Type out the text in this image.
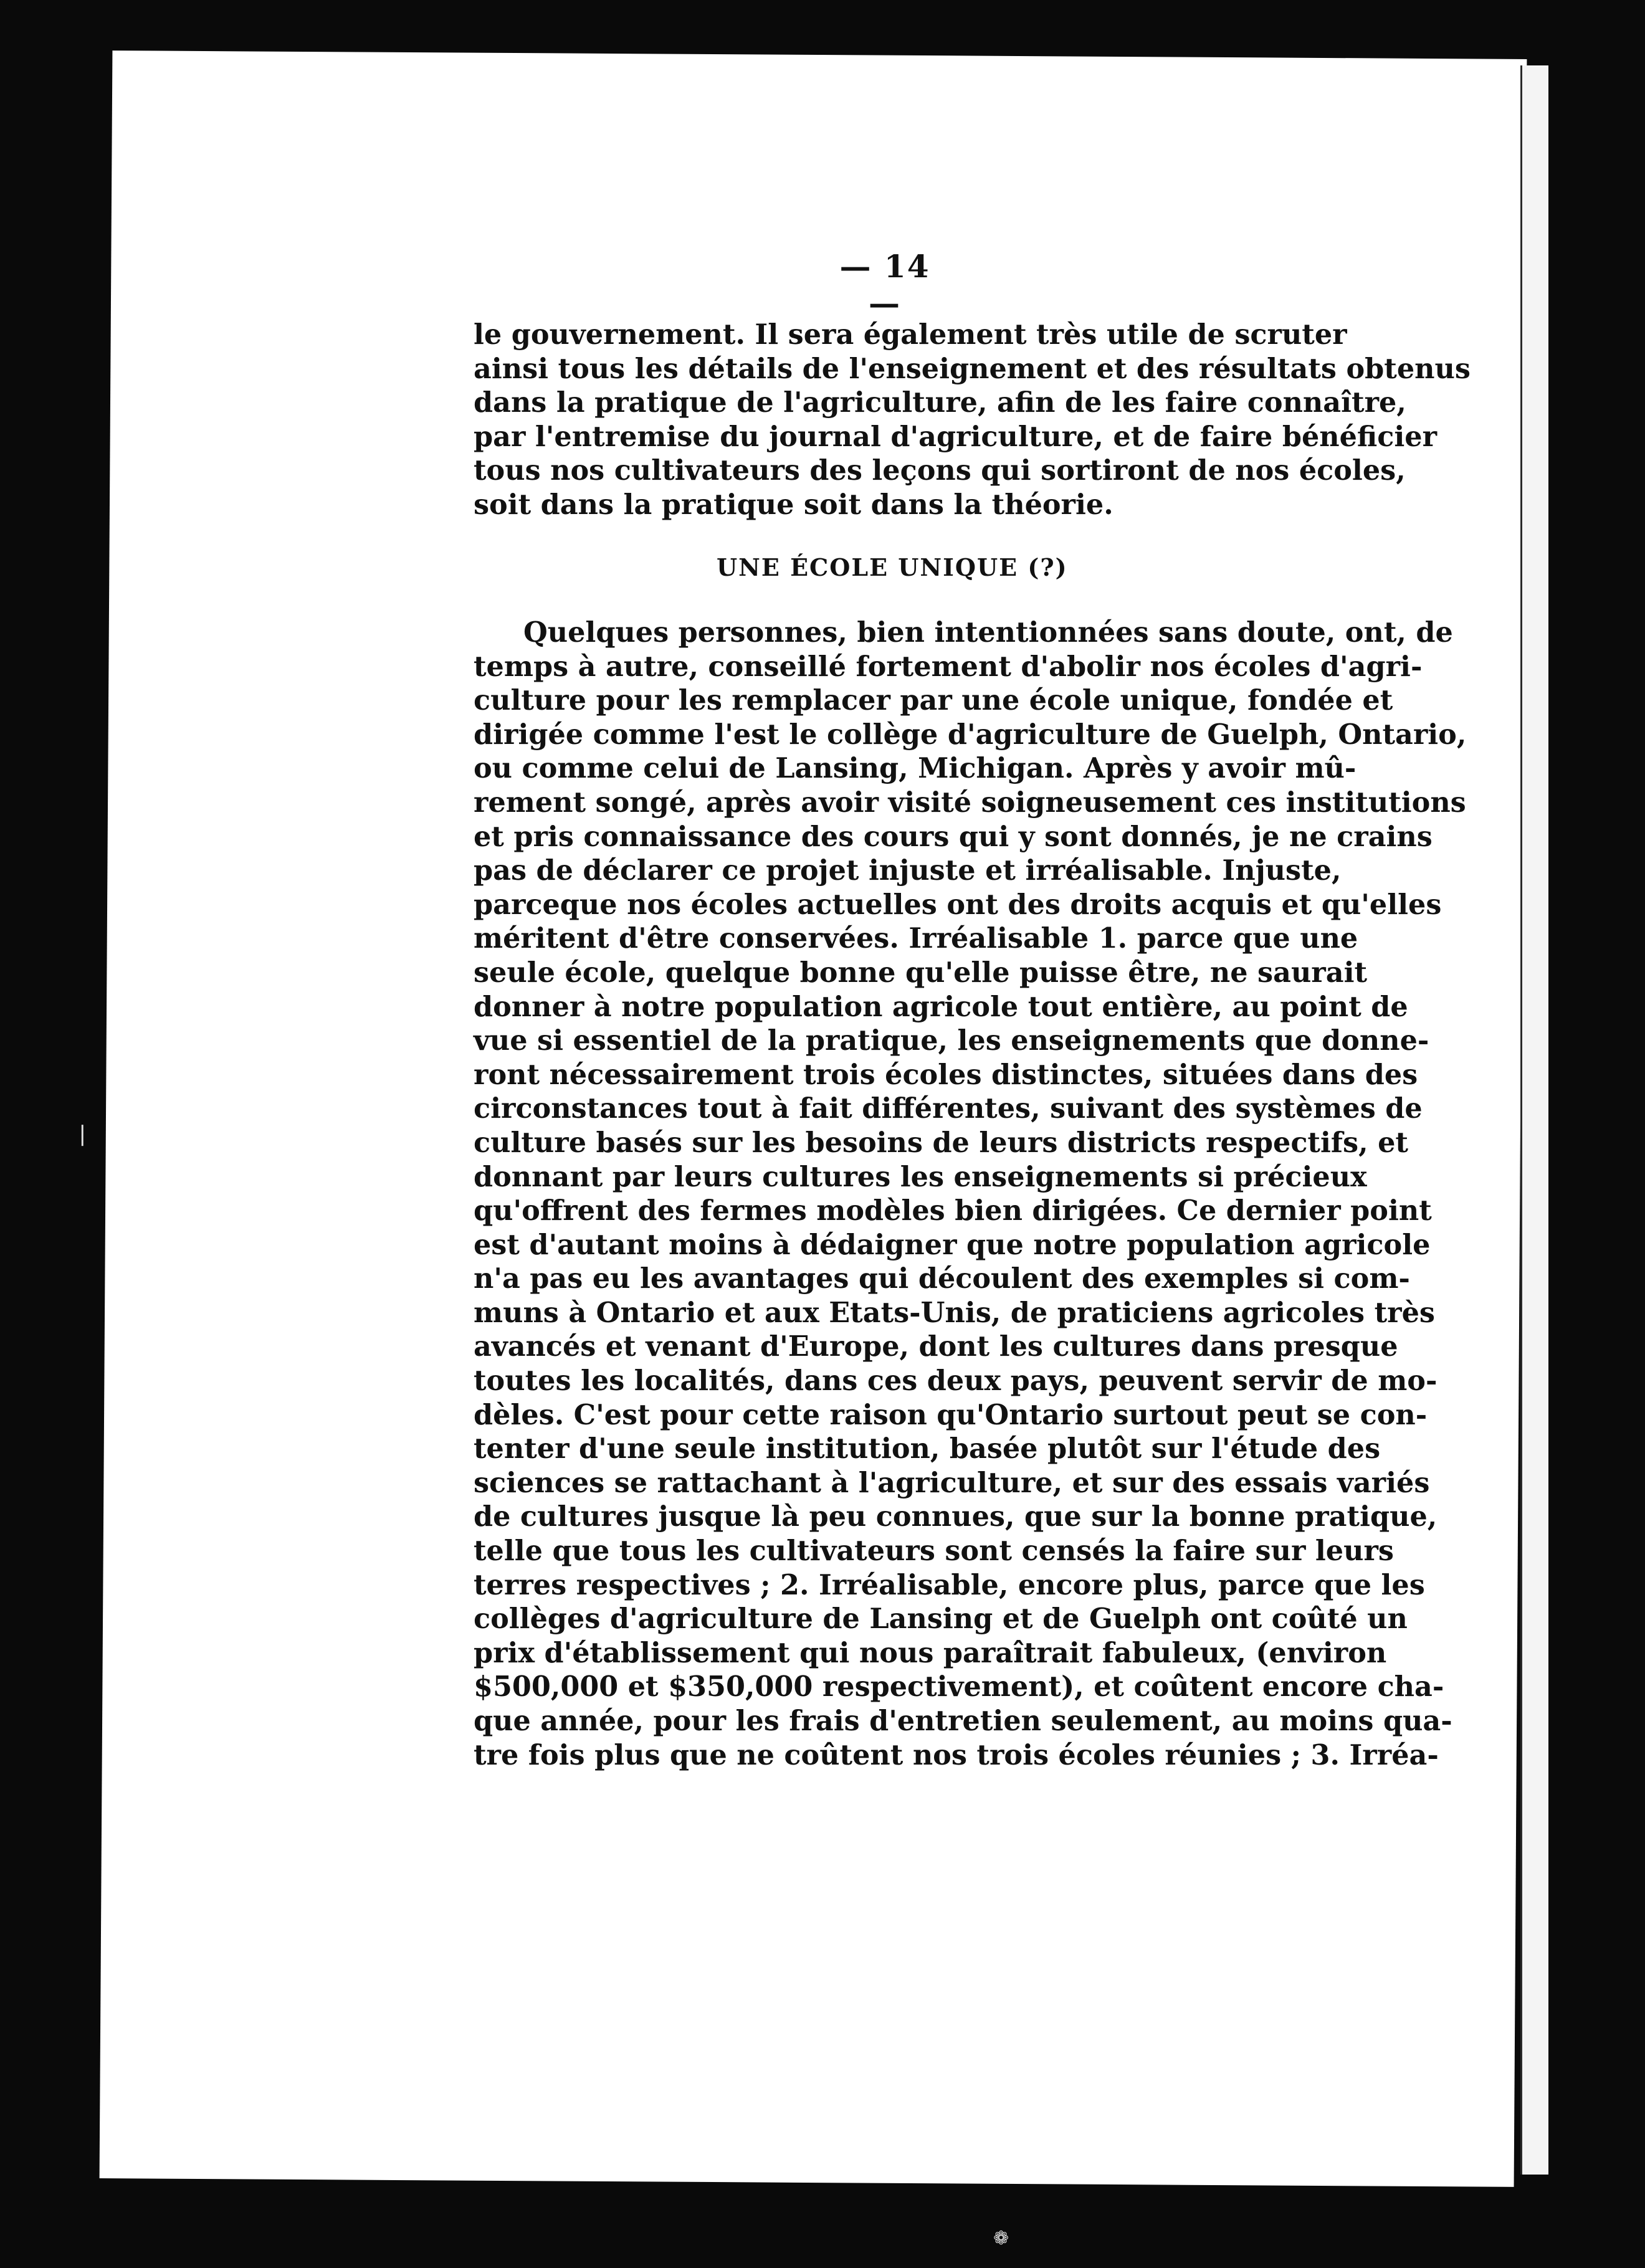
— 14 —
le gouvernement. Il sera également très utile de scruter
ainsi tous les détails de l'enseignement et des résultats obtenus
dans la pratique de l'agriculture, afin de les faire connaître,
par l'entremise du journal d'agriculture, et de faire bénéficier
tous nos cultivateurs des leçons qui sortiront de nos écoles,
soit dans la pratique soit dans la théorie.
UNE ÉCOLE UNIQUE (?)
Quelques personnes, bien intentionnées sans doute, ont, de
temps à autre, conseillé fortement d'abolir nos écoles d'agri-
culture pour les remplacer par une école unique, fondée et
dirigée comme l'est le collège d'agriculture de Guelph, Ontario,
ou comme celui de Lansing, Michigan. Après y avoir mû-
rement songé, après avoir visité soigneusement ces institutions
et pris connaissance des cours qui y sont donnés, je ne crains
pas de déclarer ce projet injuste et irréalisable. Injuste,
parceque nos écoles actuelles ont des droits acquis et qu'elles
méritent d'être conservées. Irréalisable 1. parce que une
seule école, quelque bonne qu'elle puisse être, ne saurait
donner à notre population agricole tout entière, au point de
vue si essentiel de la pratique, les enseignements que donne-
ront nécessairement trois écoles distinctes, situées dans des
circonstances tout à fait différentes, suivant des systèmes de
culture basés sur les besoins de leurs districts respectifs, et
donnant par leurs cultures les enseignements si précieux
qu'offrent des fermes modèles bien dirigées. Ce dernier point
est d'autant moins à dédaigner que notre population agricole
n'a pas eu les avantages qui découlent des exemples si com-
muns à Ontario et aux Etats-Unis, de praticiens agricoles très
avancés et venant d'Europe, dont les cultures dans presque
toutes les localités, dans ces deux pays, peuvent servir de mo-
dèles. C'est pour cette raison qu'Ontario surtout peut se con-
tenter d'une seule institution, basée plutôt sur l'étude des
sciences se rattachant à l'agriculture, et sur des essais variés
de cultures jusque là peu connues, que sur la bonne pratique,
telle que tous les cultivateurs sont censés la faire sur leurs
terres respectives ; 2. Irréalisable, encore plus, parce que les
collèges d'agriculture de Lansing et de Guelph ont coûté un
prix d'établissement qui nous paraîtrait fabuleux, (environ
$500,000 et $350,000 respectivement), et coûtent encore cha-
que année, pour les frais d'entretien seulement, au moins qua-
tre fois plus que ne coûtent nos trois écoles réunies ; 3. Irréa-
❘
❁
